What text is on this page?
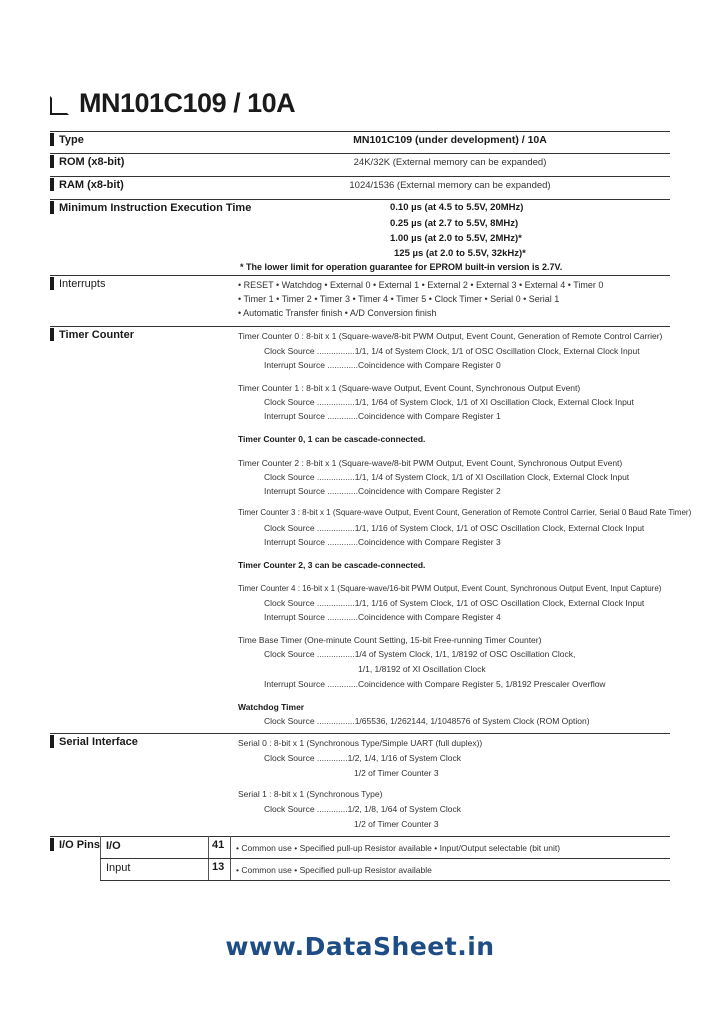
MN101C109 / 10A
Type	MN101C109 (under development) / 10A
ROM (x8-bit)	24K/32K (External memory can be expanded)
RAM (x8-bit)	1024/1536 (External memory can be expanded)
Minimum Instruction Execution Time	0.10 µs (at 4.5 to 5.5V, 20MHz)
0.25 µs (at 2.7 to 5.5V, 8MHz)
1.00 µs (at 2.0 to 5.5V, 2MHz)*
125 µs (at 2.0 to 5.5V, 32kHz)*
* The lower limit for operation guarantee for EPROM built-in version is 2.7V.
Interrupts	• RESET • Watchdog • External 0 • External 1 • External 2 • External 3 • External 4 • Timer 0
• Timer 1 • Timer 2 • Timer 3 • Timer 4 • Timer 5 • Clock Timer • Serial 0 • Serial 1
• Automatic Transfer finish • A/D Conversion finish
Timer Counter	Timer Counter 0 : 8-bit x 1 (Square-wave/8-bit PWM Output, Event Count, Generation of Remote Control Carrier)
Clock Source ................1/1, 1/4 of System Clock, 1/1 of OSC Oscillation Clock, External Clock Input
Interrupt Source .............Coincidence with Compare Register 0
Timer Counter 1 : 8-bit x 1 (Square-wave Output, Event Count, Synchronous Output Event)
Clock Source ................1/1, 1/64 of System Clock, 1/1 of XI Oscillation Clock, External Clock Input
Interrupt Source .............Coincidence with Compare Register 1
Timer Counter 0, 1 can be cascade-connected.
Timer Counter 2 : 8-bit x 1 (Square-wave/8-bit PWM Output, Event Count, Synchronous Output Event)
Clock Source ................1/1, 1/4 of System Clock, 1/1 of XI Oscillation Clock, External Clock Input
Interrupt Source .............Coincidence with Compare Register 2
Timer Counter 3 : 8-bit x 1 (Square-wave Output, Event Count, Generation of Remote Control Carrier, Serial 0 Baud Rate Timer)
Clock Source ................1/1, 1/16 of System Clock, 1/1 of OSC Oscillation Clock, External Clock Input
Interrupt Source .............Coincidence with Compare Register 3
Timer Counter 2, 3 can be cascade-connected.
Timer Counter 4 : 16-bit x 1 (Square-wave/16-bit PWM Output, Event Count, Synchronous Output Event, Input Capture)
Clock Source ................1/1, 1/16 of System Clock, 1/1 of OSC Oscillation Clock, External Clock Input
Interrupt Source .............Coincidence with Compare Register 4
Time Base Timer (One-minute Count Setting, 15-bit Free-running Timer Counter)
Clock Source ................1/4 of System Clock, 1/1, 1/8192 of OSC Oscillation Clock,
1/1, 1/8192 of XI Oscillation Clock
Interrupt Source .............Coincidence with Compare Register 5, 1/8192 Prescaler Overflow
Watchdog Timer
Clock Source ................1/65536, 1/262144, 1/1048576 of System Clock (ROM Option)
Serial Interface	Serial 0 : 8-bit x 1 (Synchronous Type/Simple UART (full duplex))
Clock Source .............1/2, 1/4, 1/16 of System Clock
1/2 of Timer Counter 3
Serial 1 : 8-bit x 1 (Synchronous Type)
Clock Source .............1/2, 1/8, 1/64 of System Clock
1/2 of Timer Counter 3
I/O Pins I/O	41 • Common use • Specified pull-up Resistor available • Input/Output selectable (bit unit)
Input	13 • Common use • Specified pull-up Resistor available
www.DataSheet.in
